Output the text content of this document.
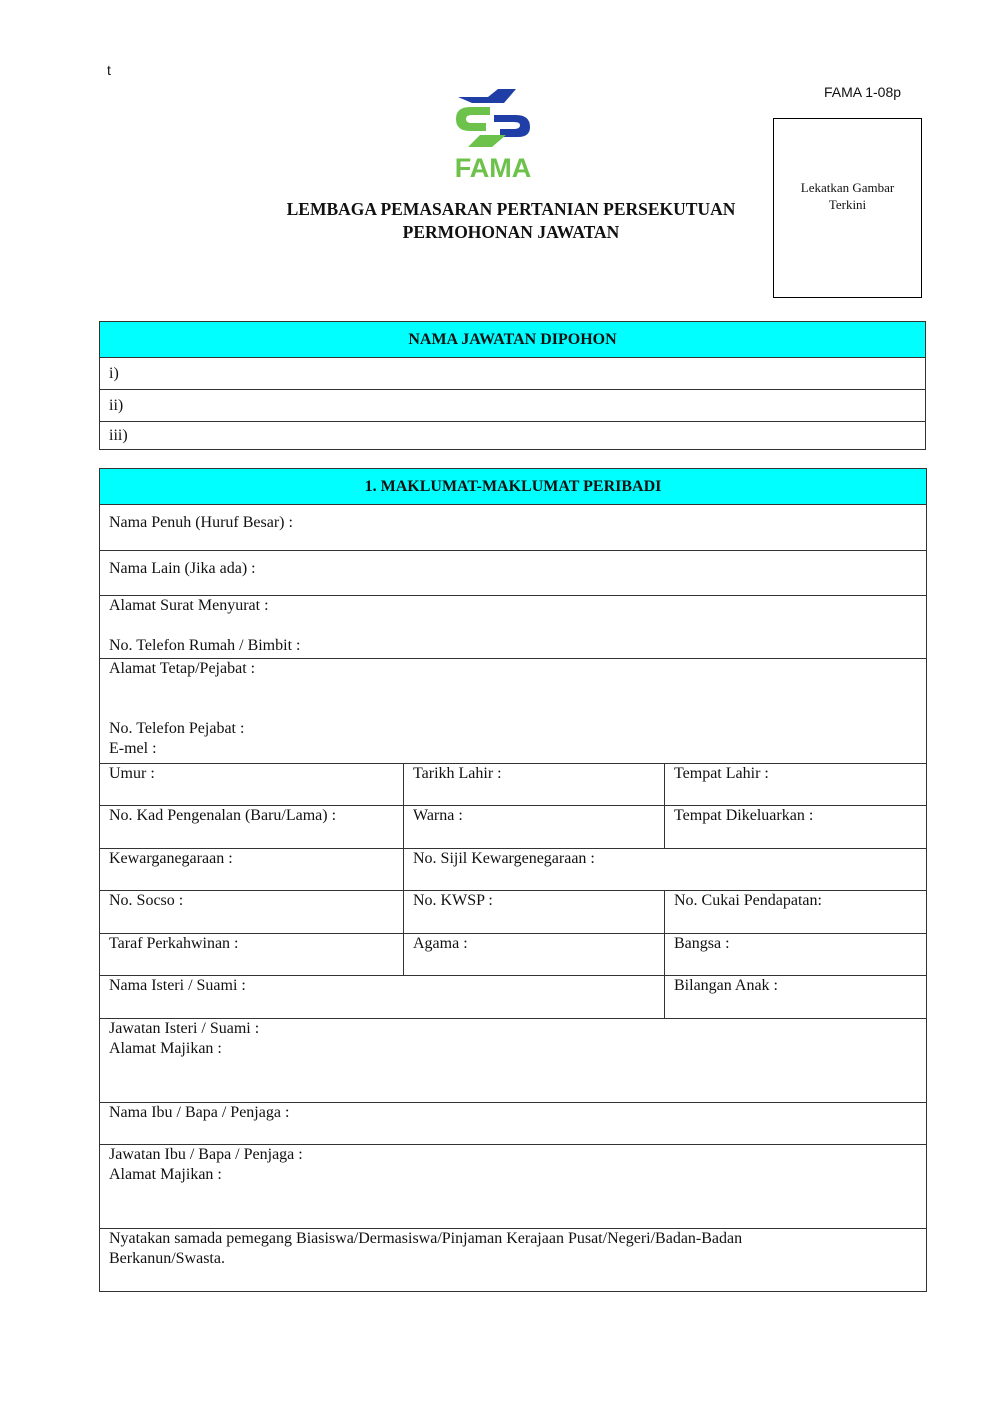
t
FAMA 1-08p
FAMA
LEMBAGA PEMASARAN PERTANIAN PERSEKUTUAN
PERMOHONAN JAWATAN
Lekatkan Gambar
Terkini
NAMA JAWATAN DIPOHON
i)
ii)
iii)
1. MAKLUMAT-MAKLUMAT PERIBADI		
Nama Penuh (Huruf Besar) :		
Nama Lain (Jika ada) :		

Alamat Surat Menyurat :
No. Telefon Rumah / Bimbit :		

Alamat Tetap/Pejabat :
No. Telefon Pejabat :
E-mel :		

Umur :	Tarikh Lahir :	Tempat Lahir :
No. Kad Pengenalan (Baru/Lama) :	Warna :	Tempat Dikeluarkan :
Kewarganegaraan :	No. Sijil Kewargenegaraan :	
No. Socso :	No. KWSP :	No. Cukai Pendapatan:
Taraf Perkahwinan :	Agama :	Bangsa :
Nama Isteri / Suami :		Bilangan Anak :

Jawatan Isteri / Suami :
Alamat Majikan :		

Nama Ibu / Bapa / Penjaga :		

Jawatan Ibu / Bapa / Penjaga :
Alamat Majikan :		

Nyatakan samada pemegang Biasiswa/Dermasiswa/Pinjaman Kerajaan Pusat/Negeri/Badan-Badan
Berkanun/Swasta.		
